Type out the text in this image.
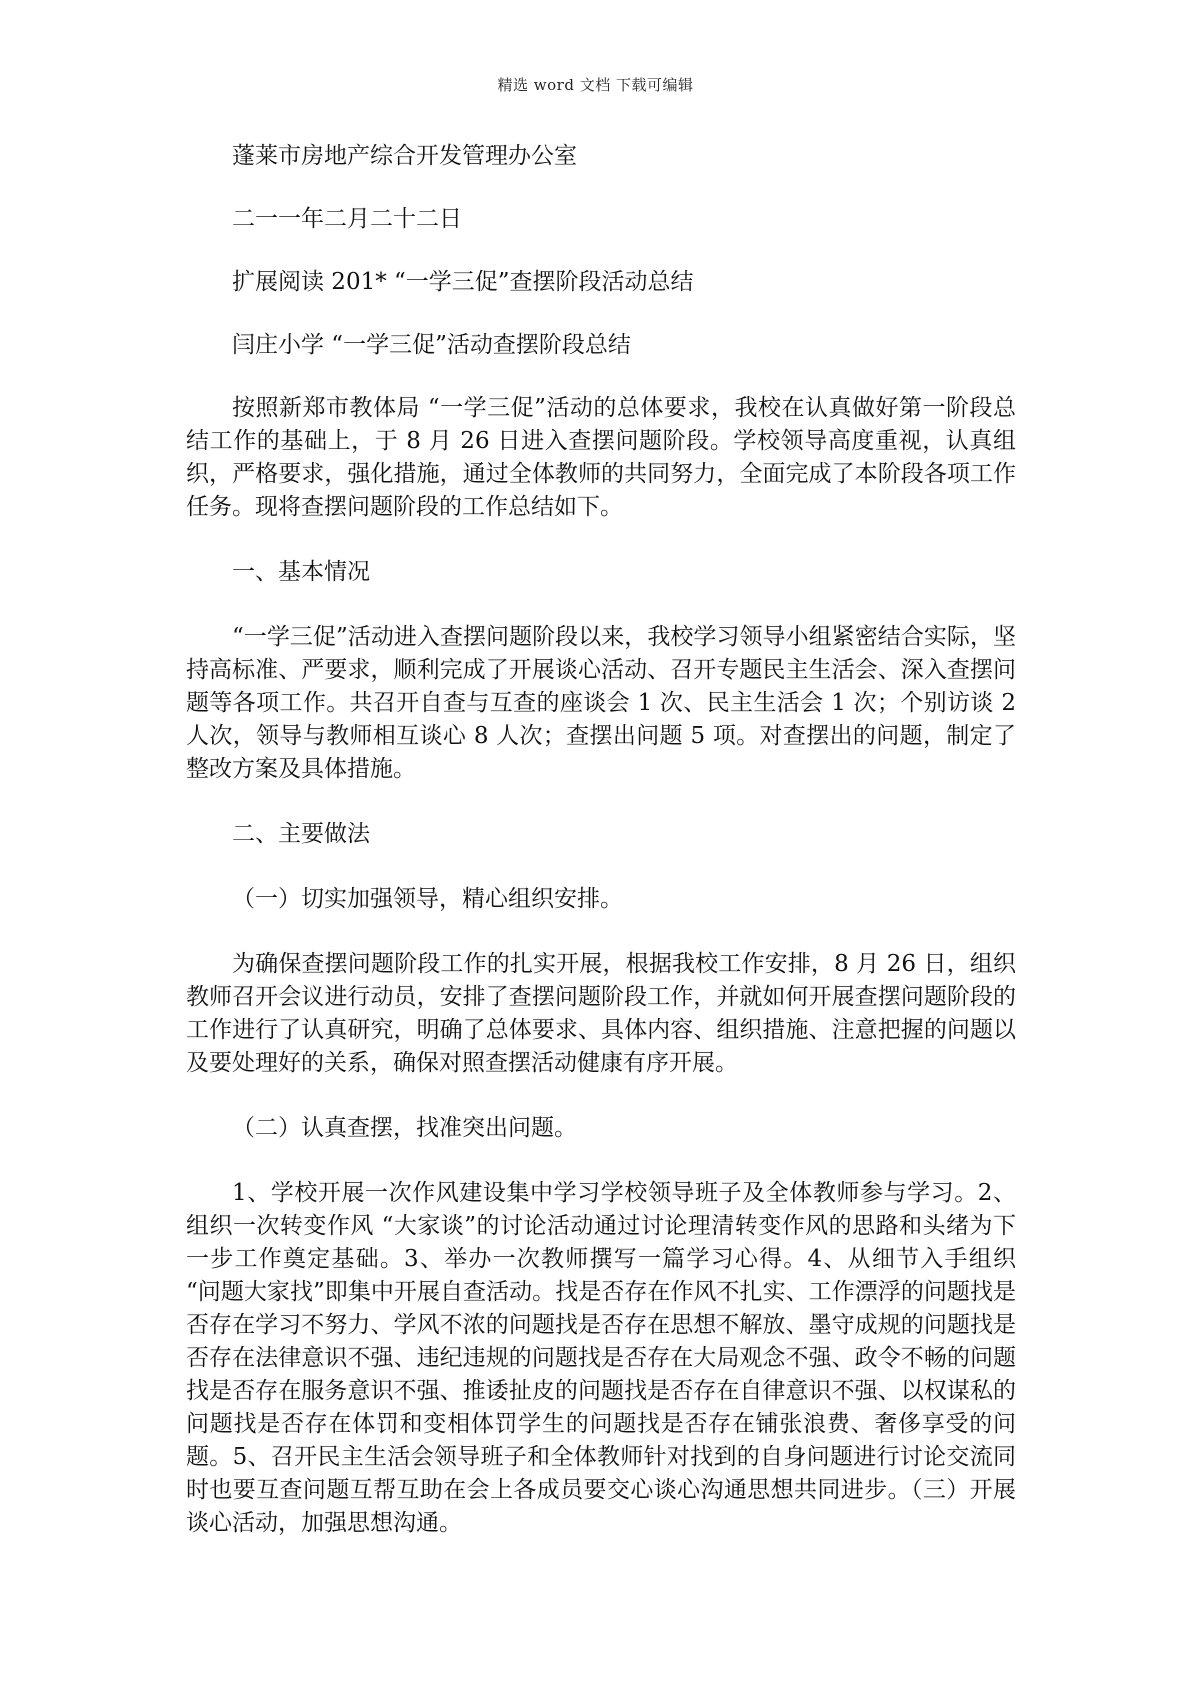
精选 word 文档 下载可编辑

蓬莱市房地产综合开发管理办公室

二一一年二月二十二日

扩展阅读 201* “一学三促”查摆阶段活动总结

闫庄小学 “一学三促”活动查摆阶段总结

按照新郑市教体局 “一学三促”活动的总体要求，我校在认真做好第一阶段总结工作的基础上，于 8 月 26 日进入查摆问题阶段。学校领导高度重视，认真组织，严格要求，强化措施，通过全体教师的共同努力，全面完成了本阶段各项工作任务。现将查摆问题阶段的工作总结如下。

一、基本情况

“一学三促”活动进入查摆问题阶段以来，我校学习领导小组紧密结合实际，坚持高标准、严要求，顺利完成了开展谈心活动、召开专题民主生活会、深入查摆问题等各项工作。共召开自查与互查的座谈会 1 次、民主生活会 1 次；个别访谈 2 人次，领导与教师相互谈心 8 人次；查摆出问题 5 项。对查摆出的问题，制定了整改方案及具体措施。

二、主要做法

（一）切实加强领导，精心组织安排。

为确保查摆问题阶段工作的扎实开展，根据我校工作安排，8 月 26 日，组织教师召开会议进行动员，安排了查摆问题阶段工作，并就如何开展查摆问题阶段的工作进行了认真研究，明确了总体要求、具体内容、组织措施、注意把握的问题以及要处理好的关系，确保对照查摆活动健康有序开展。

（二）认真查摆，找准突出问题。

1、学校开展一次作风建设集中学习学校领导班子及全体教师参与学习。2、组织一次转变作风 “大家谈”的讨论活动通过讨论理清转变作风的思路和头绪为下一步工作奠定基础。3、举办一次教师撰写一篇学习心得。4、从细节入手组织 “问题大家找”即集中开展自查活动。找是否存在作风不扎实、工作漂浮的问题找是否存在学习不努力、学风不浓的问题找是否存在思想不解放、墨守成规的问题找是否存在法律意识不强、违纪违规的问题找是否存在大局观念不强、政令不畅的问题找是否存在服务意识不强、推诿扯皮的问题找是否存在自律意识不强、以权谋私的问题找是否存在体罚和变相体罚学生的问题找是否存在铺张浪费、奢侈享受的问题。5、召开民主生活会领导班子和全体教师针对找到的自身问题进行讨论交流同时也要互查问题互帮互助在会上各成员要交心谈心沟通思想共同进步。（三）开展谈心活动，加强思想沟通。
